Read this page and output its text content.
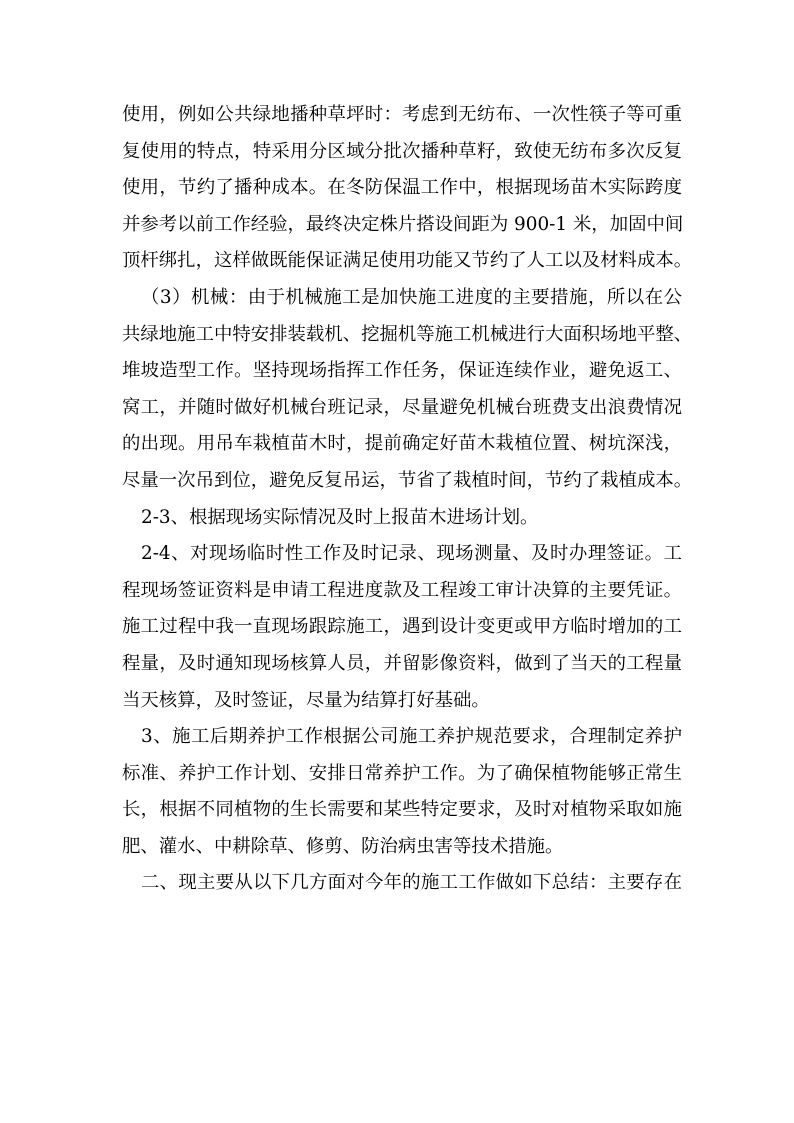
使用，例如公共绿地播种草坪时：考虑到无纺布、一次性筷子等可重
复使用的特点，特采用分区域分批次播种草籽，致使无纺布多次反复
使用，节约了播种成本。在冬防保温工作中，根据现场苗木实际跨度
并参考以前工作经验，最终决定株片搭设间距为 900-1 米，加固中间
顶杆绑扎，这样做既能保证满足使用功能又节约了人工以及材料成本。
（3）机械：由于机械施工是加快施工进度的主要措施，所以在公
共绿地施工中特安排装载机、挖掘机等施工机械进行大面积场地平整、
堆坡造型工作。坚持现场指挥工作任务，保证连续作业，避免返工、
窝工，并随时做好机械台班记录，尽量避免机械台班费支出浪费情况
的出现。用吊车栽植苗木时，提前确定好苗木栽植位置、树坑深浅，
尽量一次吊到位，避免反复吊运，节省了栽植时间，节约了栽植成本。
2-3、根据现场实际情况及时上报苗木进场计划。
2-4、对现场临时性工作及时记录、现场测量、及时办理签证。工
程现场签证资料是申请工程进度款及工程竣工审计决算的主要凭证。
施工过程中我一直现场跟踪施工，遇到设计变更或甲方临时增加的工
程量，及时通知现场核算人员，并留影像资料，做到了当天的工程量
当天核算，及时签证，尽量为结算打好基础。
3、施工后期养护工作根据公司施工养护规范要求，合理制定养护
标准、养护工作计划、安排日常养护工作。为了确保植物能够正常生
长，根据不同植物的生长需要和某些特定要求，及时对植物采取如施
肥、灌水、中耕除草、修剪、防治病虫害等技术措施。
二、现主要从以下几方面对今年的施工工作做如下总结：主要存在
